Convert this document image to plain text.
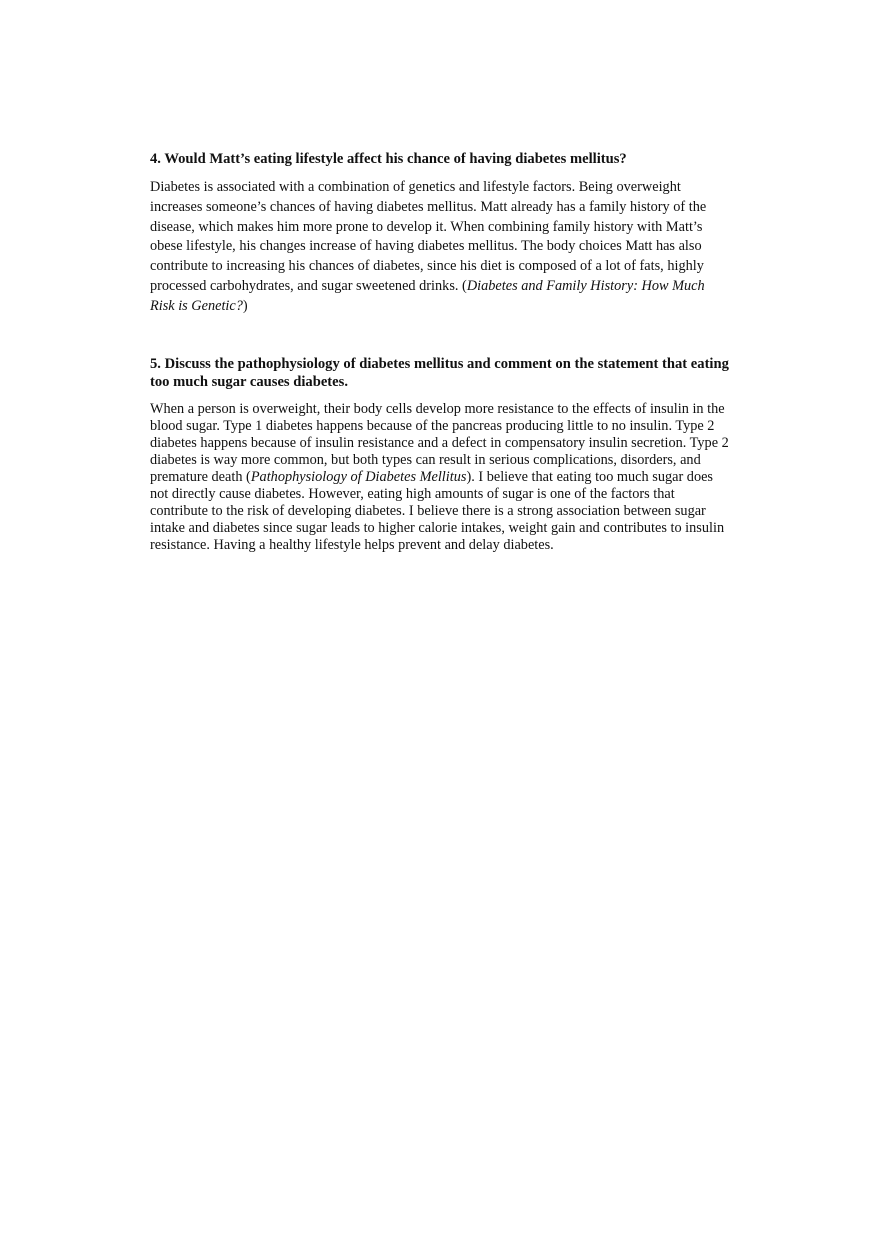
4. Would Matt’s eating lifestyle affect his chance of having diabetes mellitus?

Diabetes is associated with a combination of genetics and lifestyle factors. Being overweight increases someone’s chances of having diabetes mellitus. Matt already has a family history of the disease, which makes him more prone to develop it. When combining family history with Matt’s obese lifestyle, his changes increase of having diabetes mellitus. The body choices Matt has also contribute to increasing his chances of diabetes, since his diet is composed of a lot of fats, highly processed carbohydrates, and sugar sweetened drinks. (Diabetes and Family History: How Much Risk is Genetic?)

5. Discuss the pathophysiology of diabetes mellitus and comment on the statement that eating too much sugar causes diabetes.

When a person is overweight, their body cells develop more resistance to the effects of insulin in the blood sugar. Type 1 diabetes happens because of the pancreas producing little to no insulin. Type 2 diabetes happens because of insulin resistance and a defect in compensatory insulin secretion. Type 2 diabetes is way more common, but both types can result in serious complications, disorders, and premature death (Pathophysiology of Diabetes Mellitus). I believe that eating too much sugar does not directly cause diabetes. However, eating high amounts of sugar is one of the factors that contribute to the risk of developing diabetes. I believe there is a strong association between sugar intake and diabetes since sugar leads to higher calorie intakes, weight gain and contributes to insulin resistance. Having a healthy lifestyle helps prevent and delay diabetes.
